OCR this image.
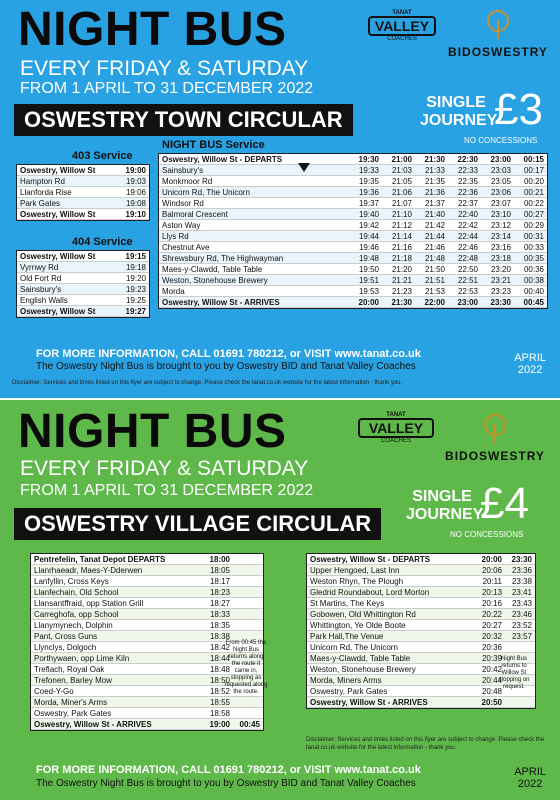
NIGHT BUS
EVERY FRIDAY & SATURDAY
FROM 1 APRIL TO 31 DECEMBER 2022
OSWESTRY TOWN CIRCULAR
TANAT
VALLEY
COACHES
BIDOSWESTRY
SINGLE JOURNEY
£3
NO CONCESSIONS
403 Service
Oswestry, Willow St	19:00
Hampton Rd	19:03
Llanforda Rise	19:06
Park Gates	19:08
Oswestry, Willow St	19:10
404 Service
Oswestry, Willow St	19:15
Vyrnwy Rd	19:18
Old Fort Rd	19:20
Sainsbury's	19:23
English Walls	19:25
Oswestry, Willow St	19:27
NIGHT BUS Service
Oswestry, Willow St - DEPARTS	19:30	21:00	21:30	22:30	23:00	00:15
Sainsbury's	19:33	21:03	21:33	22:33	23:03	00:17
Monkmoor Rd	19:35	21:05	21:35	22:35	23:05	00:20
Unicorn Rd, The Unicorn	19:36	21:06	21:36	22:36	23:06	00:21
Windsor Rd	19:37	21:07	21:37	22:37	23:07	00:22
Balmoral Crescent	19:40	21:10	21:40	22:40	23:10	00:27
Aston Way	19:42	21:12	21:42	22:42	23:12	00:29
Llys Rd	19:44	21:14	21:44	22:44	23:14	00:31
Chestnut Ave	19:46	21:16	21:46	22:46	23:16	00:33
Shrewsbury Rd, The Highwayman	19:48	21:18	21:48	22:48	23:18	00:35
Maes-y-Clawdd, Table Table	19:50	21:20	21:50	22:50	23:20	00:36
Weston, Stonehouse Brewery	19:51	21:21	21:51	22:51	23:21	00:38
Morda	19:53	21:23	21:53	22:53	23:23	00:40
Oswestry, Willow St - ARRIVES	20:00	21:30	22:00	23:00	23:30	00:45
FOR MORE INFORMATION, CALL 01691 780212, or VISIT www.tanat.co.uk
The Oswestry Night Bus is brought to you by Oswestry BID and Tanat Valley Coaches
Disclaimer: Services and times listed on this flyer are subject to change. Please check the tanat.co.uk website for the latest information - thank you.
APRIL
2022
NIGHT BUS
EVERY FRIDAY & SATURDAY
FROM 1 APRIL TO 31 DECEMBER 2022
OSWESTRY VILLAGE CIRCULAR
TANAT
VALLEY
COACHES
BIDOSWESTRY
SINGLE JOURNEY
£4
NO CONCESSIONS
Pentrefelin, Tanat Depot DEPARTS	18:00
Llanrhaeadr, Maes-Y-Dderwen	18:05
Lanfyllin, Cross Keys	18:17
Llanfechain, Old School	18:23
Llansantffraid, opp Station Grill	18:27
Carreghofa, opp School	18:33
Llanymynech, Dolphin	18:35
Pant, Cross Guns	18:38
Llynclys, Dolgoch	18:42
Porthywaen, opp Lime Kiln	18:44
Treflach, Royal Oak	18:48
Trefonen, Barley Mow	18:50
Coed-Y-Go	18:52
Morda, Miner's Arms	18:55
Oswestry, Park Gates	18:58
Oswestry, Willow St - ARRIVES	19:00	00:45
From 00:45 the Night Bus returns along the route it came in, stopping as requested along the route.
Oswestry, Willow St - DEPARTS	20:00	23:30
Upper Hengoed, Last Inn	20:06	23:36
Weston Rhyn, The Plough	20:11	23:38
Gledrid Roundabout, Lord Morton	20:13	23:41
St Martins, The Keys	20:16	23:43
Gobowen, Old Whittington Rd	20:22	23:46
Whittington, Ye Olde Boote	20:27	23:52
Park Hall,The Venue	20:32	23:57
Unicorn Rd, The Unicorn	20:36
Maes-y-Clawdd, Table Table	20:39
Weston, Stonehouse Brewery	20:42
Morda, Miners Arms	20:44
Oswestry, Park Gates	20:48
Oswestry, Willow St - ARRIVES	20:50
Night Bus returns to Willow St stopping on request.
Disclaimer: Services and times listed on this flyer are subject to change. Please check the tanat.co.uk website for the latest information - thank you.
FOR MORE INFORMATION, CALL 01691 780212, or VISIT www.tanat.co.uk
The Oswestry Night Bus is brought to you by Oswestry BID and Tanat Valley Coaches
APRIL
2022
